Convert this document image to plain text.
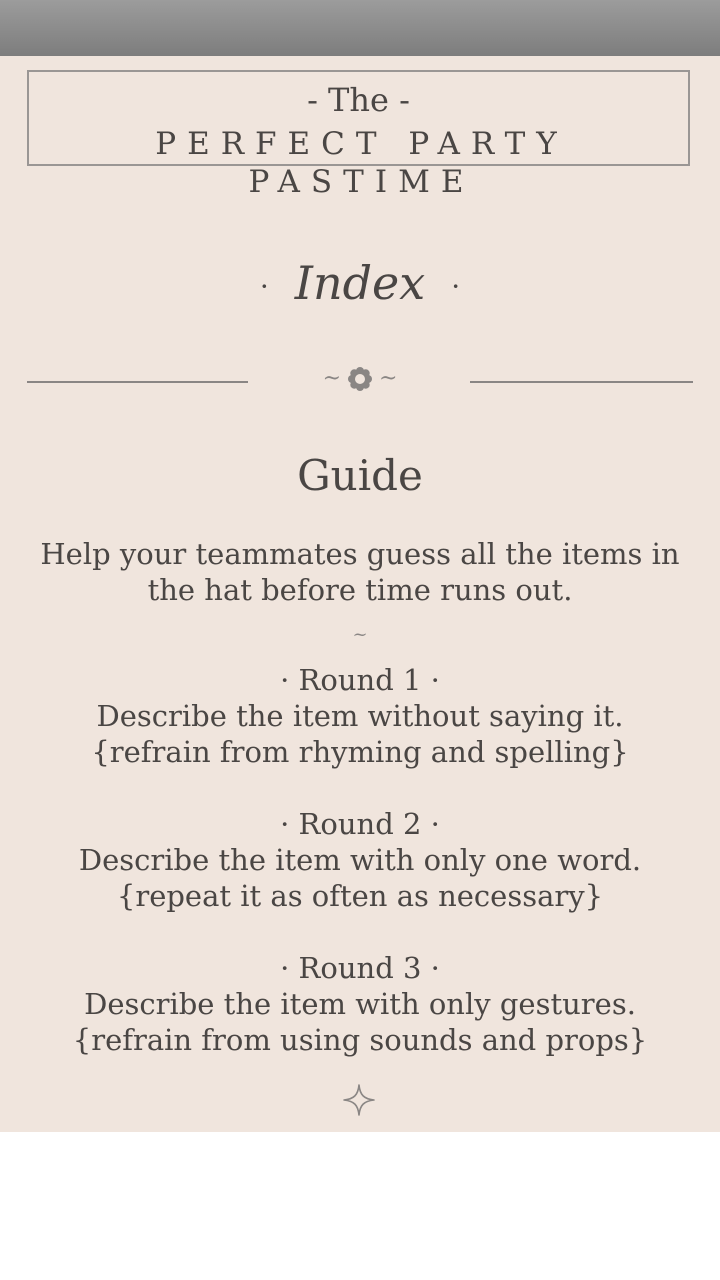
- The -
PERFECT PARTY PASTIME
· Index ·
~ ~
Guide
Help your teammates guess all the items in
the hat before time runs out.
~
· Round 1 ·
Describe the item without saying it.
{refrain from rhyming and spelling}
· Round 2 ·
Describe the item with only one word.
{repeat it as often as necessary}
· Round 3 ·
Describe the item with only gestures.
{refrain from using sounds and props}
